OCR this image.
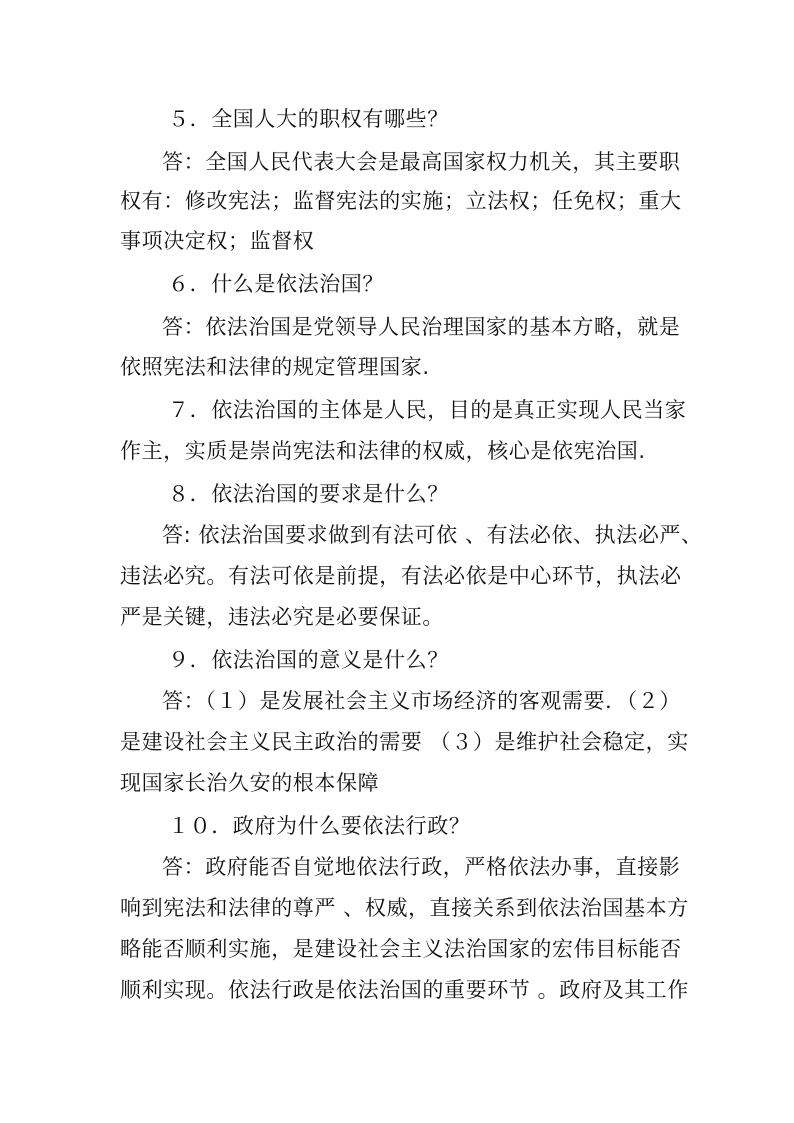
５．全国人大的职权有哪些？
答：全国人民代表大会是最高国家权力机关，其主要职
权有：修改宪法；监督宪法的实施；立法权；任免权；重大
事项决定权；监督权
６．什么是依法治国？
答：依法治国是党领导人民治理国家的基本方略，就是
依照宪法和法律的规定管理国家.
７．依法治国的主体是人民，目的是真正实现人民当家
作主，实质是崇尚宪法和法律的权威，核心是依宪治国.
８．依法治国的要求是什么？
答: 依法治国要求做到有法可依 、有法必依、执法必严、
违法必究。有法可依是前提，有法必依是中心环节，执法必
严是关键，违法必究是必要保证。
９．依法治国的意义是什么？
答：（１）是发展社会主义市场经济的客观需要．（２）
是建设社会主义民主政治的需要 （３）是维护社会稳定，实
现国家长治久安的根本保障
１０．政府为什么要依法行政？
答：政府能否自觉地依法行政，严格依法办事，直接影
响到宪法和法律的尊严 、权威，直接关系到依法治国基本方
略能否顺利实施，是建设社会主义法治国家的宏伟目标能否
顺利实现。依法行政是依法治国的重要环节 。政府及其工作
